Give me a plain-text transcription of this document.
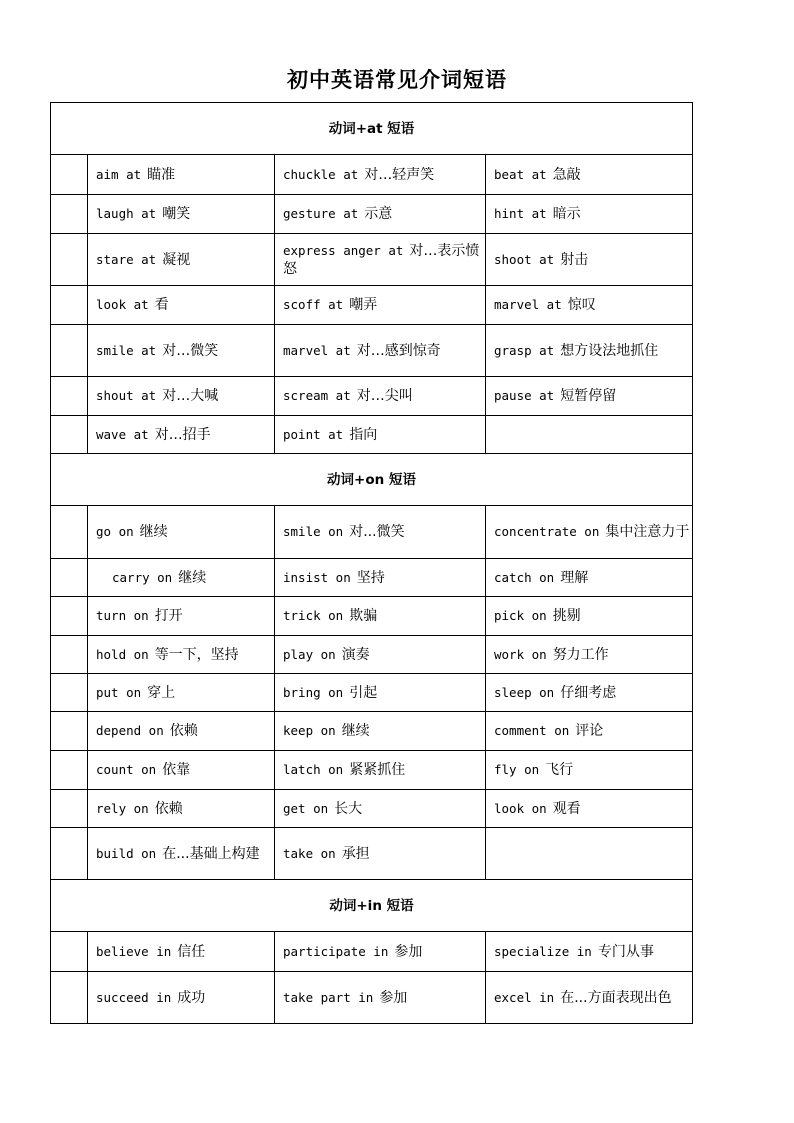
初中英语常见介词短语
动词+at 短语			
	aim at 瞄准	chuckle at 对…轻声笑	beat at 急敲
	laugh at 嘲笑	gesture at 示意	hint at 暗示
	stare at 凝视	express anger at 对…表示愤怒	shoot at 射击
	look at 看	scoff at 嘲弄	marvel at 惊叹
	smile at 对…微笑	marvel at 对…感到惊奇	grasp at 想方设法地抓住
	shout at 对…大喊	scream at 对…尖叫	pause at 短暂停留
	wave at 对…招手	point at 指向	
动词+on 短语			
	go on 继续	smile on 对...微笑	concentrate on 集中注意力于
	carry on 继续	insist on 坚持	catch on 理解
	turn on 打开	trick on 欺骗	pick on 挑剔
	hold on 等一下，坚持	play on 演奏	work on 努力工作
	put on 穿上	bring on 引起	sleep on 仔细考虑
	depend on 依赖	keep on 继续	comment on 评论
	count on 依靠	latch on 紧紧抓住	fly on 飞行
	rely on 依赖	get on 长大	look on 观看
	build on 在...基础上构建	take on 承担	
动词+in 短语			
	believe in 信任	participate in 参加	specialize in 专门从事
	succeed in 成功	take part in 参加	excel in 在...方面表现出色
